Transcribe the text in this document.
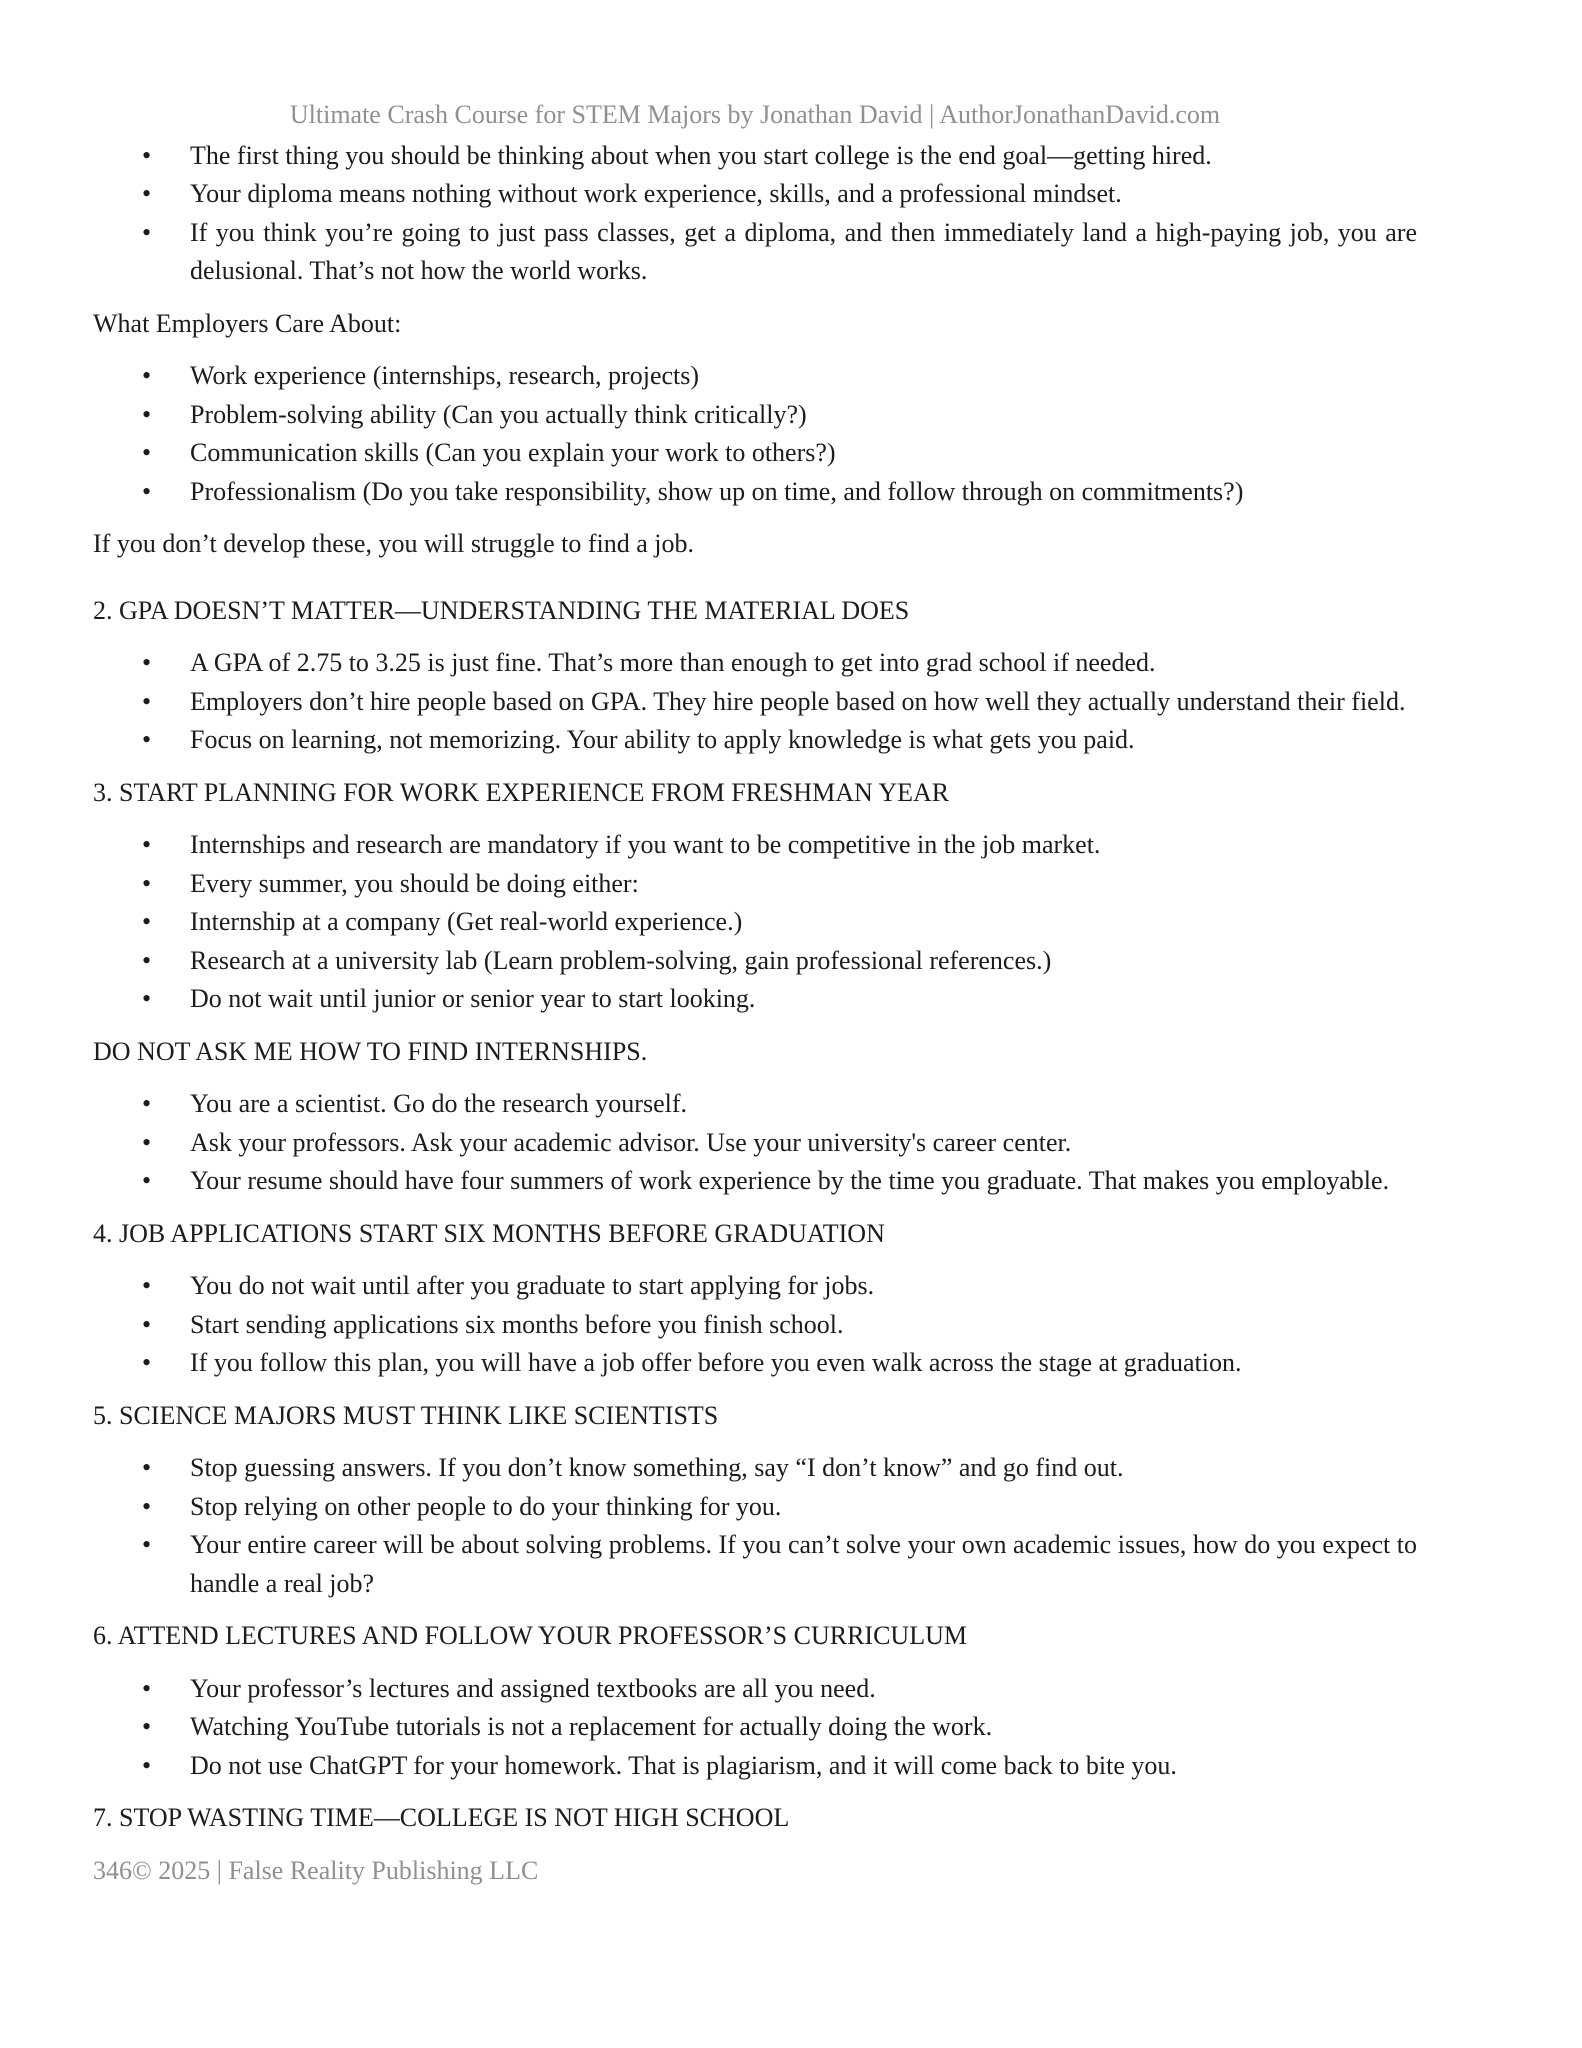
Ultimate Crash Course for STEM Majors by Jonathan David | AuthorJonathanDavid.com

• The first thing you should be thinking about when you start college is the end goal—getting hired.
• Your diploma means nothing without work experience, skills, and a professional mindset.
• If you think you’re going to just pass classes, get a diploma, and then immediately land a high-paying job, you are delusional. That’s not how the world works.

What Employers Care About:

• Work experience (internships, research, projects)
• Problem-solving ability (Can you actually think critically?)
• Communication skills (Can you explain your work to others?)
• Professionalism (Do you take responsibility, show up on time, and follow through on commitments?)

If you don’t develop these, you will struggle to find a job.

2. GPA DOESN’T MATTER—UNDERSTANDING THE MATERIAL DOES

• A GPA of 2.75 to 3.25 is just fine. That’s more than enough to get into grad school if needed.
• Employers don’t hire people based on GPA. They hire people based on how well they actually understand their field.
• Focus on learning, not memorizing. Your ability to apply knowledge is what gets you paid.

3. START PLANNING FOR WORK EXPERIENCE FROM FRESHMAN YEAR

• Internships and research are mandatory if you want to be competitive in the job market.
• Every summer, you should be doing either:
• Internship at a company (Get real-world experience.)
• Research at a university lab (Learn problem-solving, gain professional references.)
• Do not wait until junior or senior year to start looking.

DO NOT ASK ME HOW TO FIND INTERNSHIPS.

• You are a scientist. Go do the research yourself.
• Ask your professors. Ask your academic advisor. Use your university's career center.
• Your resume should have four summers of work experience by the time you graduate. That makes you employable.

4. JOB APPLICATIONS START SIX MONTHS BEFORE GRADUATION

• You do not wait until after you graduate to start applying for jobs.
• Start sending applications six months before you finish school.
• If you follow this plan, you will have a job offer before you even walk across the stage at graduation.

5. SCIENCE MAJORS MUST THINK LIKE SCIENTISTS

• Stop guessing answers. If you don’t know something, say “I don’t know” and go find out.
• Stop relying on other people to do your thinking for you.
• Your entire career will be about solving problems. If you can’t solve your own academic issues, how do you expect to handle a real job?

6. ATTEND LECTURES AND FOLLOW YOUR PROFESSOR’S CURRICULUM

• Your professor’s lectures and assigned textbooks are all you need.
• Watching YouTube tutorials is not a replacement for actually doing the work.
• Do not use ChatGPT for your homework. That is plagiarism, and it will come back to bite you.

7. STOP WASTING TIME—COLLEGE IS NOT HIGH SCHOOL

346© 2025 | False Reality Publishing LLC
